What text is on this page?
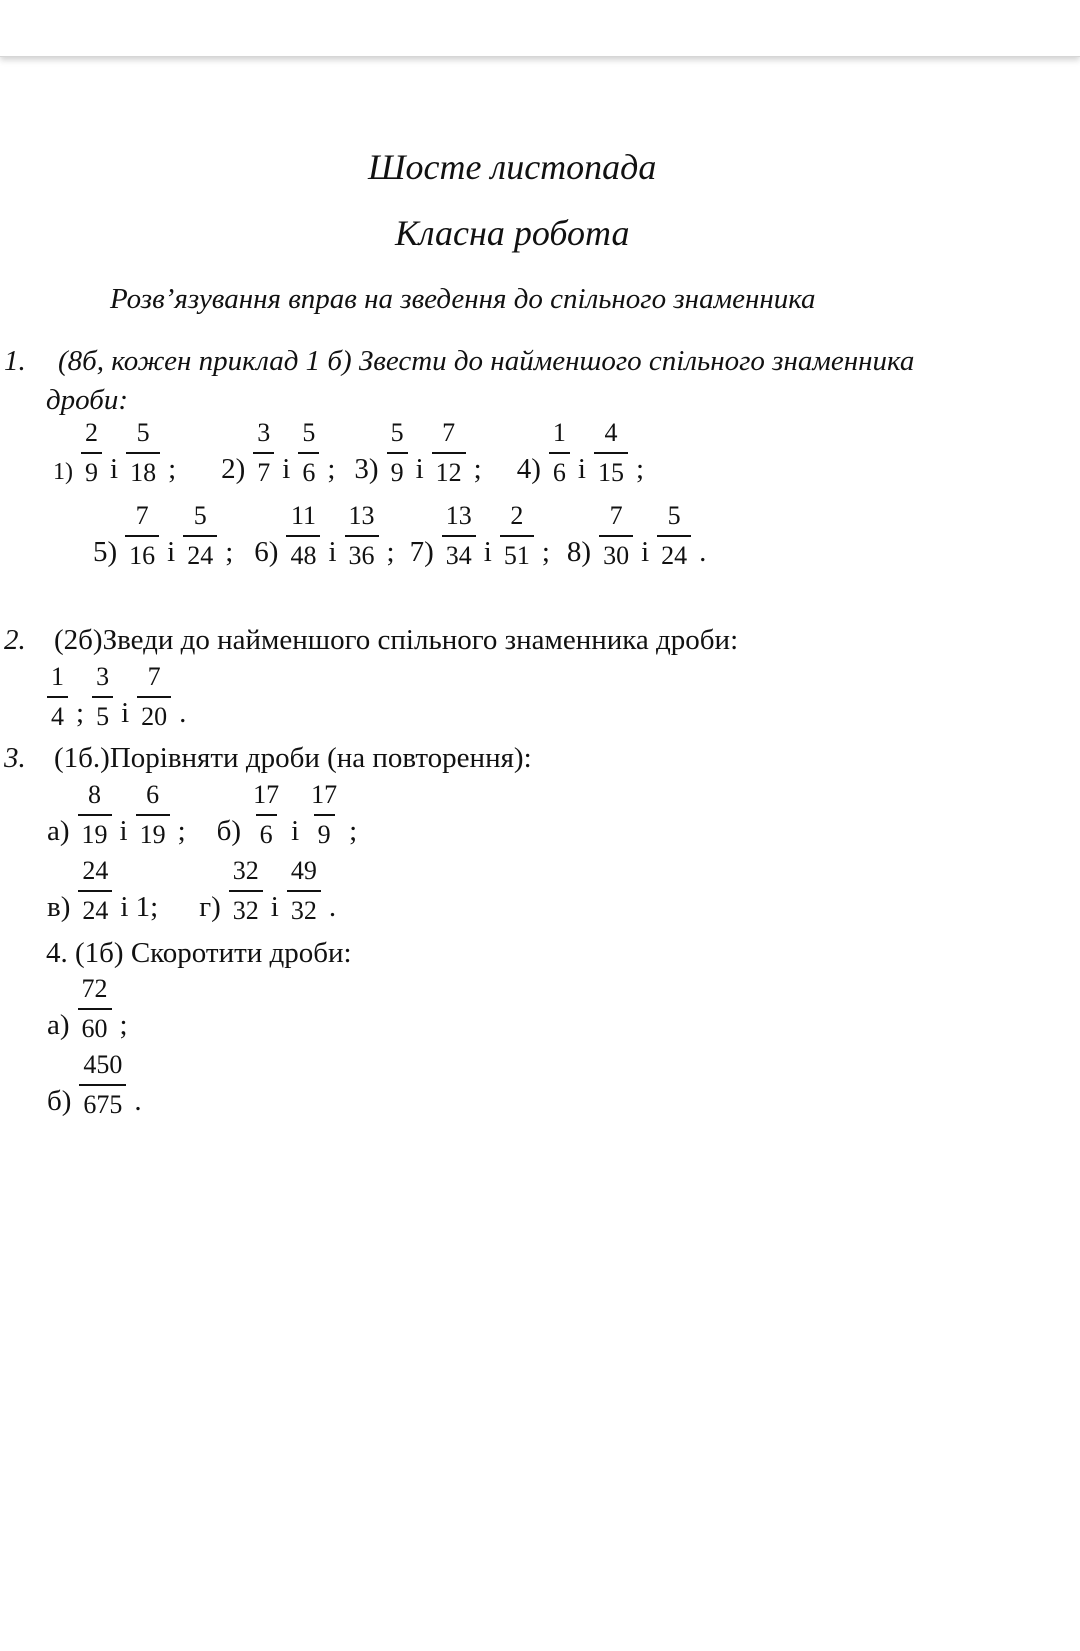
Шосте листопада
Класна робота
Розв’язування вправ на зведення до спільного знаменника
1. (8б, кожен приклад 1 б) Звести до найменшого спільного знаменника
дроби:
$1) \frac{2}{9}$ і $\frac{5}{18}$ ; $2) \frac{3}{7}$ і $\frac{5}{6}$ ; $3) \frac{5}{9}$ і $\frac{7}{12}$ ; $4) \frac{1}{6}$ і $\frac{4}{15}$ ;
$5) \frac{7}{16}$ і $\frac{5}{24}$ ; $6) \frac{11}{48}$ і $\frac{13}{36}$ ; $7) \frac{13}{34}$ і $\frac{2}{51}$ ; $8) \frac{7}{30}$ і $\frac{5}{24}$ .
2. (2б)Зведи до найменшого спільного знаменника дроби:
$\frac{1}{4}$ ; $\frac{3}{5}$ і $\frac{7}{20}$ .
3. (1б.)Порівняти дроби (на повторення):
$а) \frac{8}{19}$ і $\frac{6}{19}$ ; $б) \frac{17}{6}$ і $\frac{17}{9}$ ;
$в) \frac{24}{24}$ і 1; $г) \frac{32}{32}$ і $\frac{49}{32}$ .
4. (1б) Скоротити дроби:
$а) \frac{72}{60}$ ;
$б) \frac{450}{675}$ .
